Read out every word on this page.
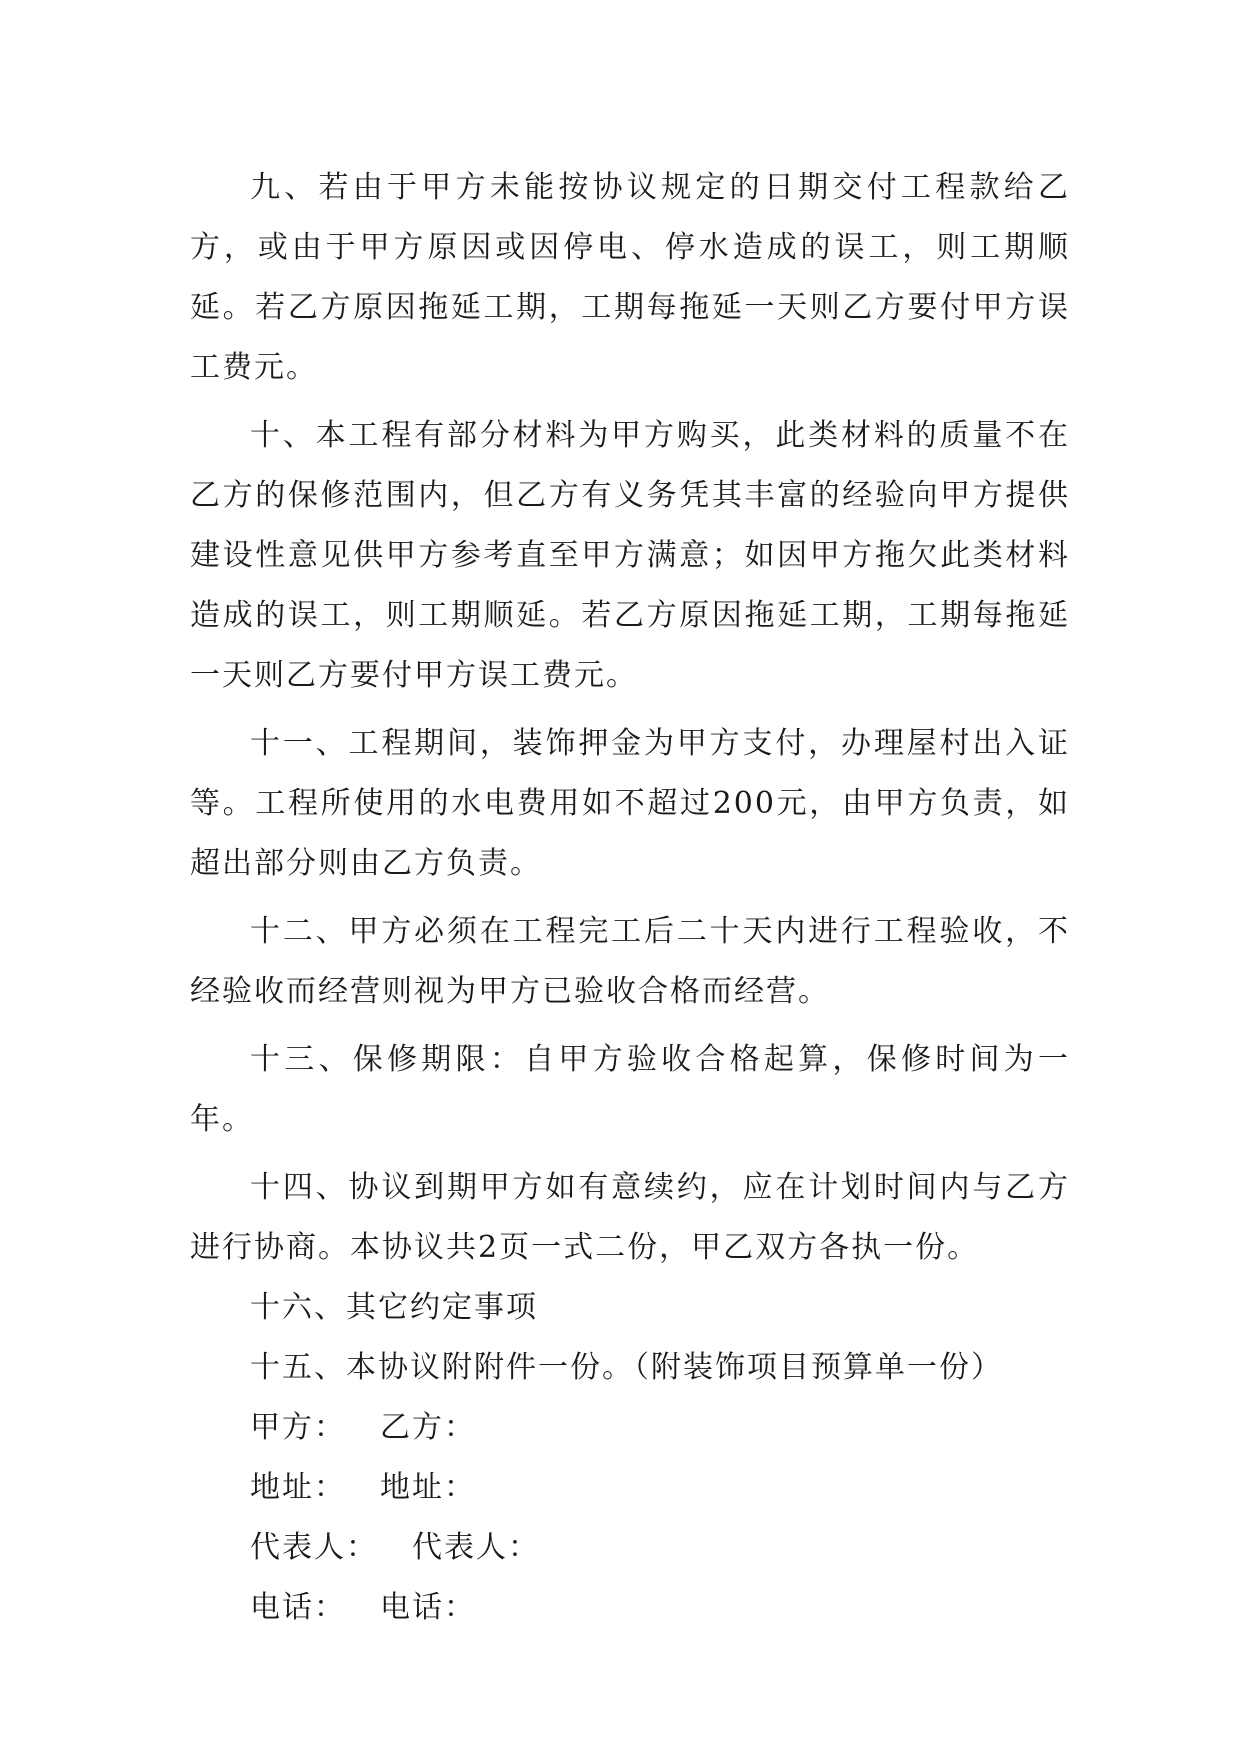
九、若由于甲方未能按协议规定的日期交付工程款给乙方，或由于甲方原因或因停电、停水造成的误工，则工期顺延。若乙方原因拖延工期，工期每拖延一天则乙方要付甲方误工费元。

十、本工程有部分材料为甲方购买，此类材料的质量不在乙方的保修范围内，但乙方有义务凭其丰富的经验向甲方提供建设性意见供甲方参考直至甲方满意；如因甲方拖欠此类材料造成的误工，则工期顺延。若乙方原因拖延工期，工期每拖延一天则乙方要付甲方误工费元。

十一、工程期间，装饰押金为甲方支付，办理屋村出入证等。工程所使用的水电费用如不超过200元，由甲方负责，如超出部分则由乙方负责。

十二、甲方必须在工程完工后二十天内进行工程验收，不经验收而经营则视为甲方已验收合格而经营。

十三、保修期限：自甲方验收合格起算，保修时间为一年。

十四、协议到期甲方如有意续约，应在计划时间内与乙方进行协商。本协议共2页一式二份，甲乙双方各执一份。

十六、其它约定事项

十五、本协议附附件一份。（附装饰项目预算单一份）

甲方： 乙方：

地址： 地址：

代表人： 代表人：

电话： 电话：
